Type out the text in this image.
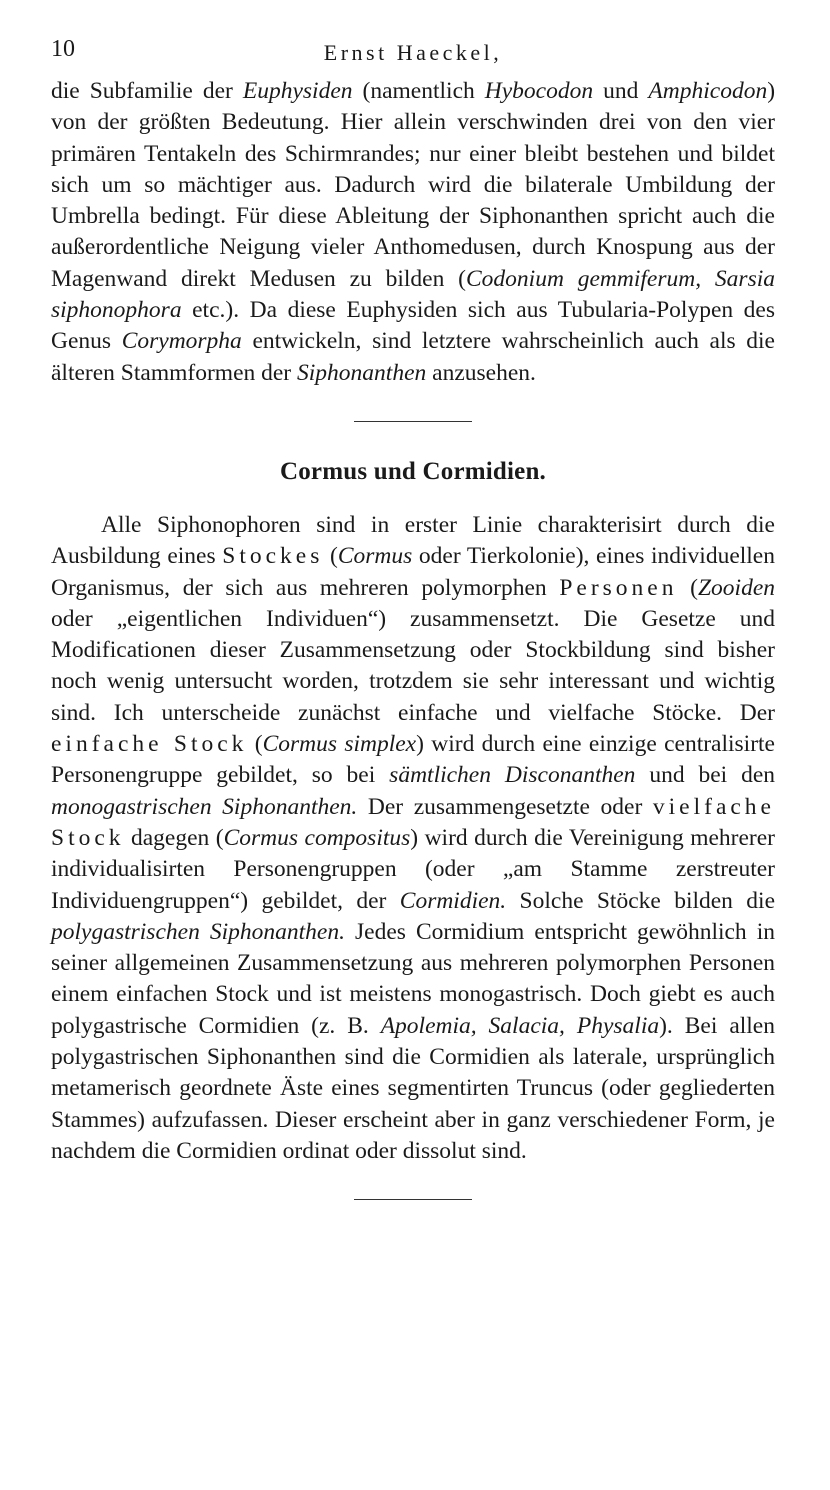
10	Ernst Haeckel,

die Subfamilie der Euphysiden (namentlich Hybocodon und Amphicodon) von der größten Bedeutung. Hier allein verschwinden drei von den vier primären Tentakeln des Schirmrandes; nur einer bleibt bestehen und bildet sich um so mächtiger aus. Dadurch wird die bilaterale Umbildung der Umbrella bedingt. Für diese Ableitung der Siphonanthen spricht auch die außerordentliche Neigung vieler Anthomedusen, durch Knospung aus der Magenwand direkt Medusen zu bilden (Codonium gemmiferum, Sarsia siphonophora etc.). Da diese Euphysiden sich aus Tubularia-Polypen des Genus Corymorpha entwickeln, sind letztere wahrscheinlich auch als die älteren Stammformen der Siphonanthen anzusehen.

Cormus und Cormidien.

Alle Siphonophoren sind in erster Linie charakterisirt durch die Ausbildung eines Stockes (Cormus oder Tierkolonie), eines individuellen Organismus, der sich aus mehreren polymorphen Personen (Zooiden oder „eigentlichen Individuen“) zusammensetzt. Die Gesetze und Modificationen dieser Zusammensetzung oder Stockbildung sind bisher noch wenig untersucht worden, trotzdem sie sehr interessant und wichtig sind. Ich unterscheide zunächst einfache und vielfache Stöcke. Der einfache Stock (Cormus simplex) wird durch eine einzige centralisirte Personengruppe gebildet, so bei sämtlichen Disconanthen und bei den monogastrischen Siphonanthen. Der zusammengesetzte oder vielfache Stock dagegen (Cormus compositus) wird durch die Vereinigung mehrerer individualisirten Personengruppen (oder „am Stamme zerstreuter Individuengruppen“) gebildet, der Cormidien. Solche Stöcke bilden die polygastrischen Siphonanthen. Jedes Cormidium entspricht gewöhnlich in seiner allgemeinen Zusammensetzung aus mehreren polymorphen Personen einem einfachen Stock und ist meistens monogastrisch. Doch giebt es auch polygastrische Cormidien (z. B. Apolemia, Salacia, Physalia). Bei allen polygastrischen Siphonanthen sind die Cormidien als laterale, ursprünglich metamerisch geordnete Äste eines segmentirten Truncus (oder gegliederten Stammes) aufzufassen. Dieser erscheint aber in ganz verschiedener Form, je nachdem die Cormidien ordinat oder dissolut sind.
